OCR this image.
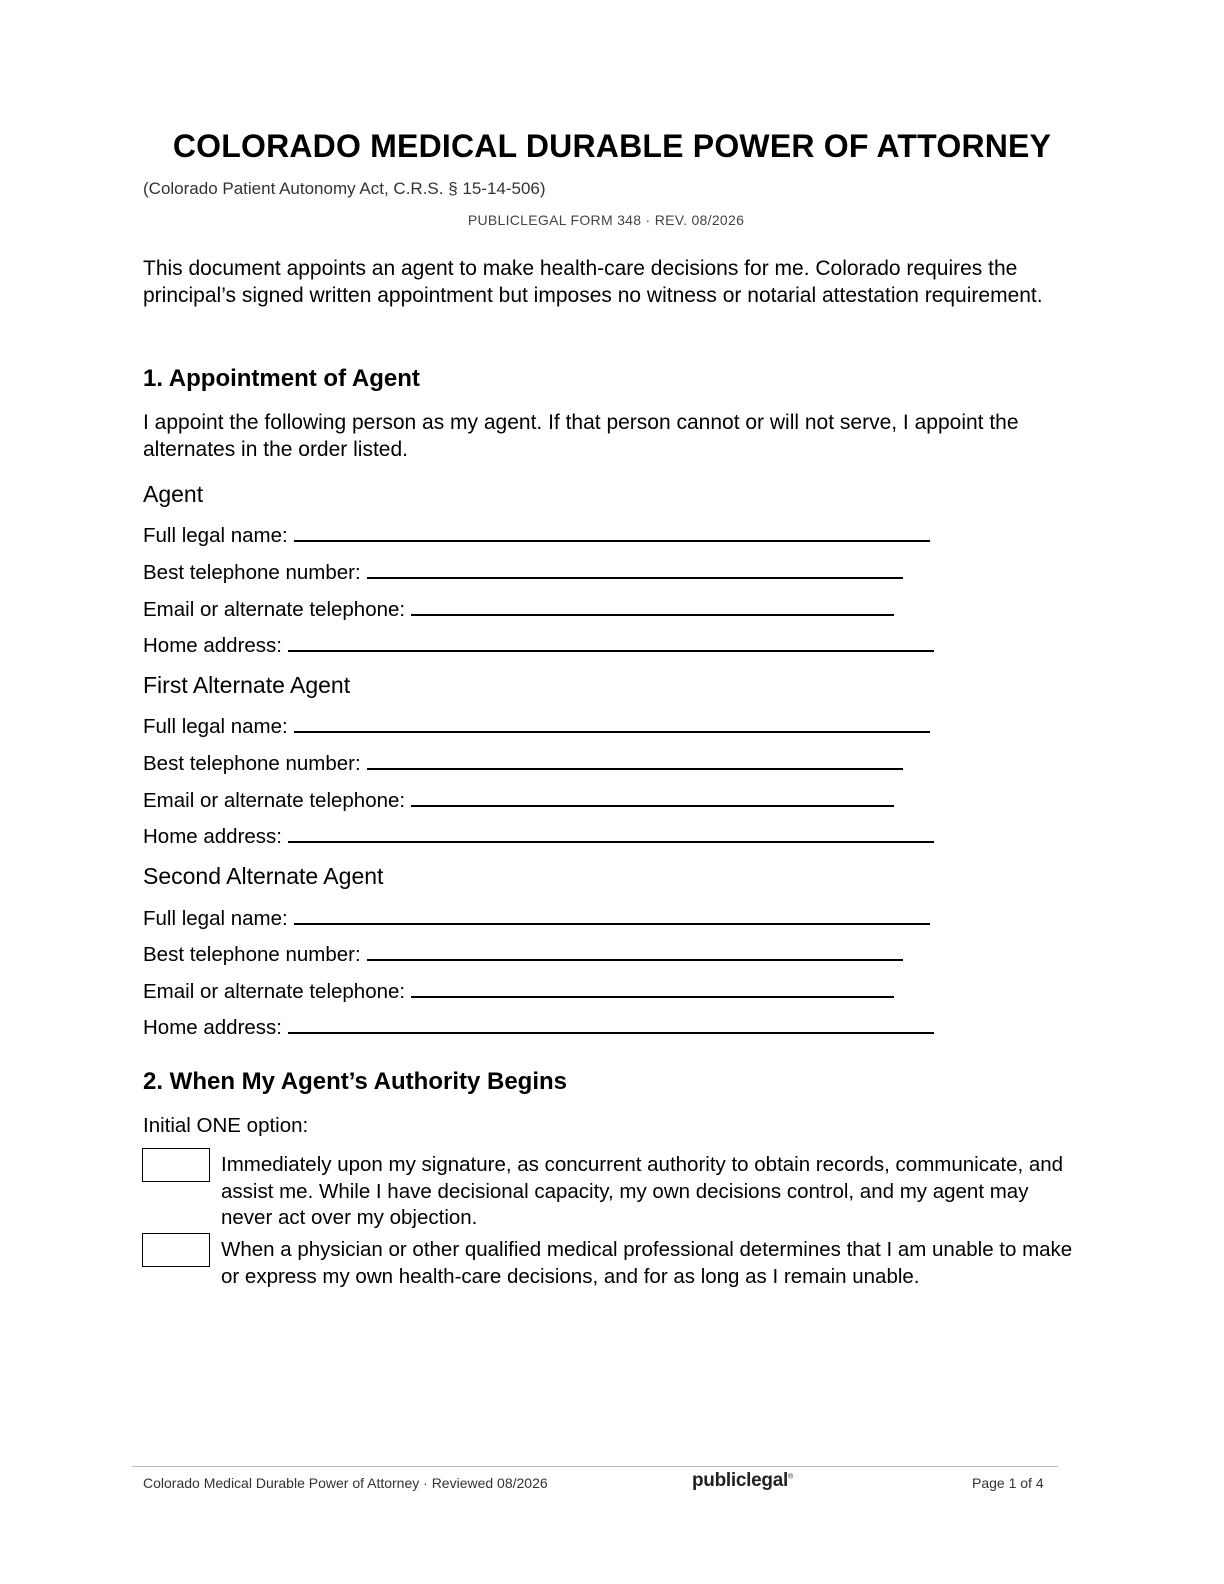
COLORADO MEDICAL DURABLE POWER OF ATTORNEY
(Colorado Patient Autonomy Act, C.R.S. § 15-14-506)
PUBLICLEGAL FORM 348 · REV. 08/2026
This document appoints an agent to make health-care decisions for me. Colorado requires the principal’s signed written appointment but imposes no witness or notarial attestation requirement.
1. Appointment of Agent
I appoint the following person as my agent. If that person cannot or will not serve, I appoint the alternates in the order listed.
Agent
Full legal name:
Best telephone number:
Email or alternate telephone:
Home address:
First Alternate Agent
Full legal name:
Best telephone number:
Email or alternate telephone:
Home address:
Second Alternate Agent
Full legal name:
Best telephone number:
Email or alternate telephone:
Home address:
2. When My Agent’s Authority Begins
Initial ONE option:
Immediately upon my signature, as concurrent authority to obtain records, communicate, and assist me. While I have decisional capacity, my own decisions control, and my agent may never act over my objection.
When a physician or other qualified medical professional determines that I am unable to make or express my own health-care decisions, and for as long as I remain unable.
Colorado Medical Durable Power of Attorney · Reviewed 08/2026	publiclegal®	Page 1 of 4
